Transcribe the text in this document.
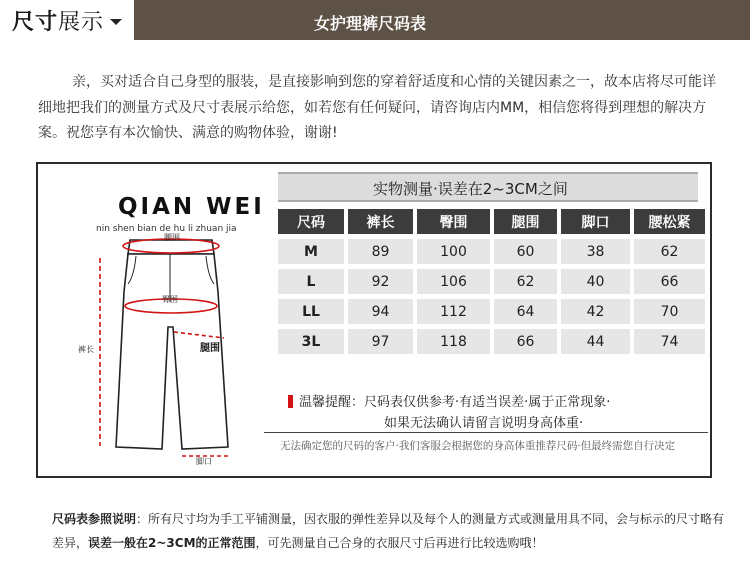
尺寸 展示	女护理裤尺码表
亲，买对适合自己身型的服装，是直接影响到您的穿着舒适度和心情的关键因素之一，故本店将尽可能详细地把我们的测量方式及尺寸表展示给您，如若您有任何疑问，请咨询店内MM，相信您将得到理想的解决方案。祝您享有本次愉快、满意的购物体验，谢谢!
QIAN WEI
nin shen bian de hu li zhuan jia
腰围
臀围
裤长	腿围
脚口
实物测量·误差在2~3CM之间
尺码	裤长	臀围	腿围	脚口	腰松紧
M	89	100	60	38	62
L	92	106	62	40	66
LL	94	112	64	42	70
3L	97	118	66	44	74
温馨提醒：尺码表仅供参考·有适当误差·属于正常现象·
如果无法确认请留言说明身高体重·
无法确定您的尺码的客户·我们客服会根据您的身高体重推荐尺码·但最终需您自行决定
尺码表参照说明：所有尺寸均为手工平铺测量，因衣服的弹性差异以及每个人的测量方式或测量用具不同，会与标示的尺寸略有差异，误差一般在2~3CM的正常范围，可先测量自己合身的衣服尺寸后再进行比较选购哦！
